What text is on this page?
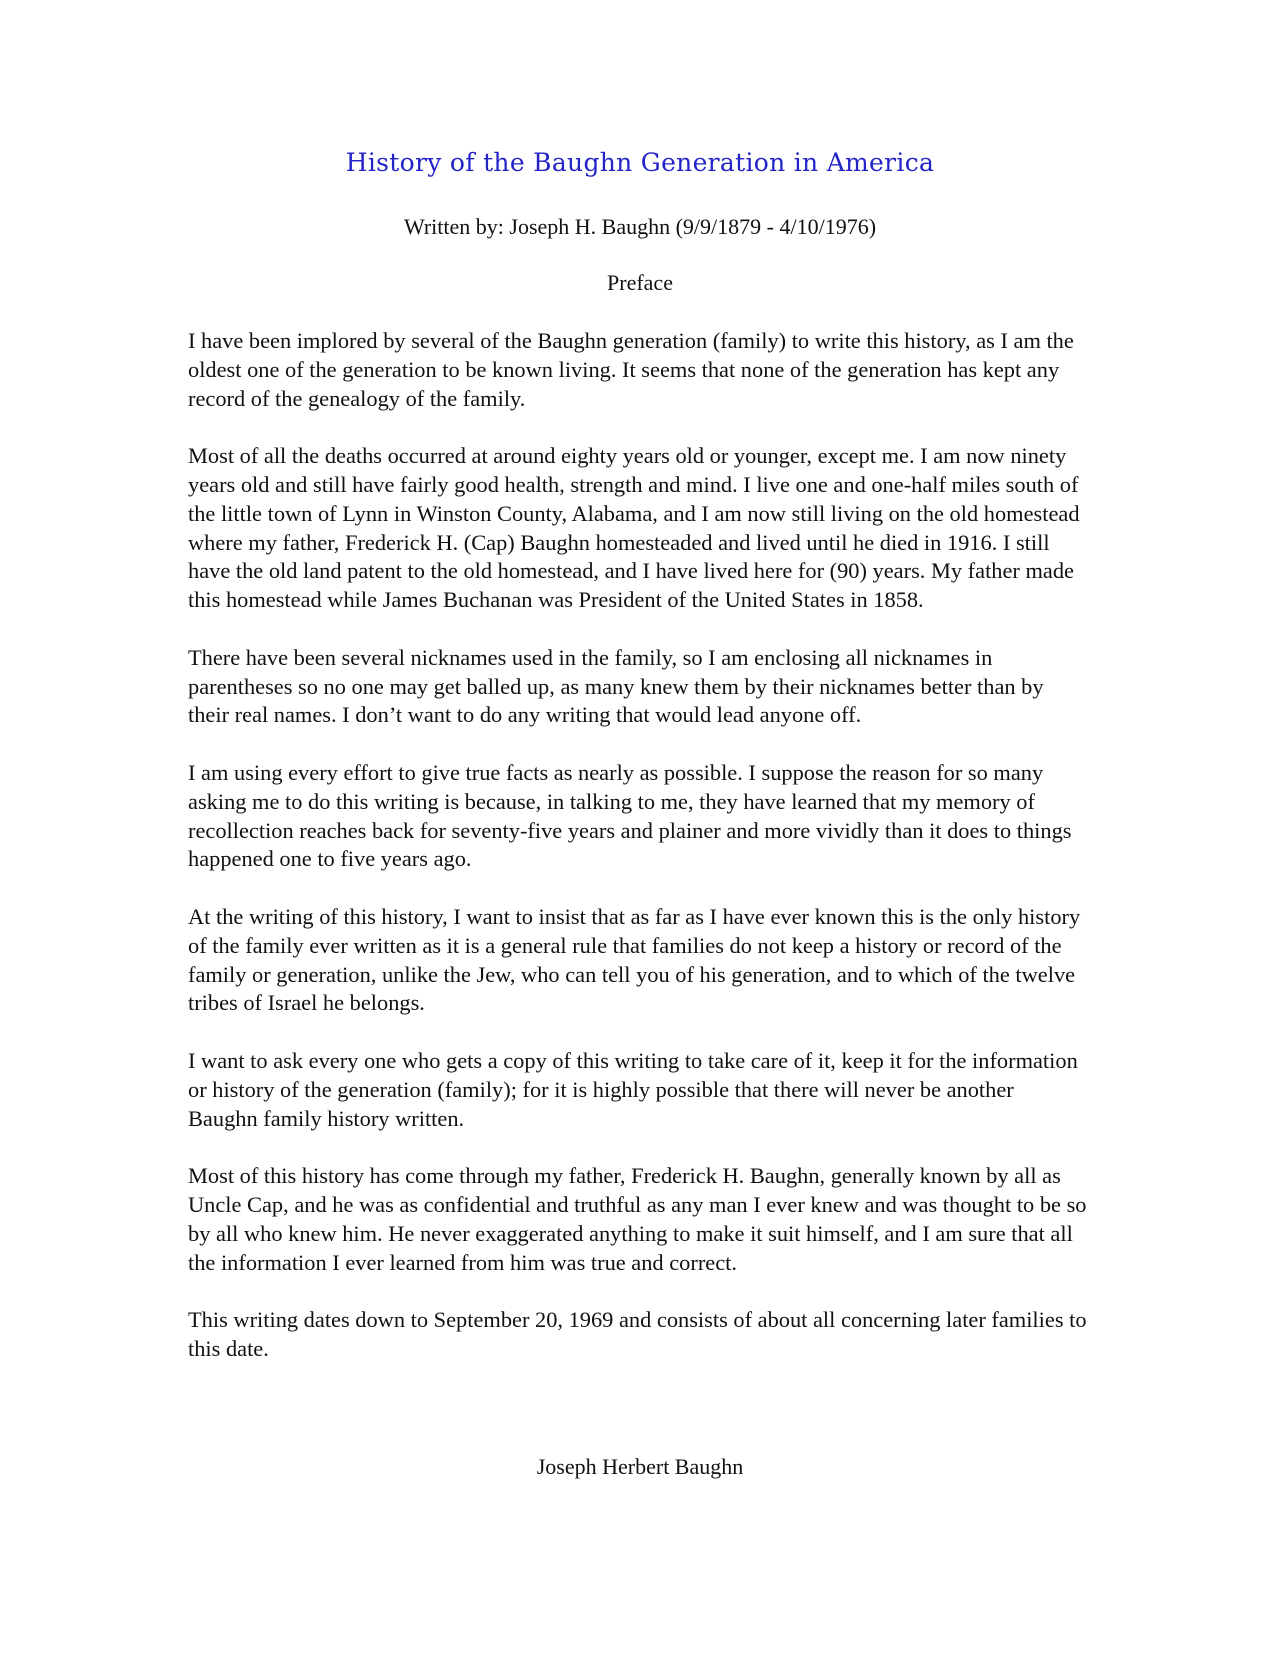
History of the Baughn Generation in America
Written by: Joseph H. Baughn (9/9/1879 - 4/10/1976)
Preface

I have been implored by several of the Baughn generation (family) to write this history, as I am the oldest one of the generation to be known living. It seems that none of the generation has kept any record of the genealogy of the family.

Most of all the deaths occurred at around eighty years old or younger, except me. I am now ninety years old and still have fairly good health, strength and mind. I live one and one-half miles south of the little town of Lynn in Winston County, Alabama, and I am now still living on the old homestead where my father, Frederick H. (Cap) Baughn homesteaded and lived until he died in 1916. I still have the old land patent to the old homestead, and I have lived here for (90) years. My father made this homestead while James Buchanan was President of the United States in 1858.

There have been several nicknames used in the family, so I am enclosing all nicknames in parentheses so no one may get balled up, as many knew them by their nicknames better than by their real names. I don’t want to do any writing that would lead anyone off.

I am using every effort to give true facts as nearly as possible. I suppose the reason for so many asking me to do this writing is because, in talking to me, they have learned that my memory of recollection reaches back for seventy-five years and plainer and more vividly than it does to things happened one to five years ago.

At the writing of this history, I want to insist that as far as I have ever known this is the only history of the family ever written as it is a general rule that families do not keep a history or record of the family or generation, unlike the Jew, who can tell you of his generation, and to which of the twelve tribes of Israel he belongs.

I want to ask every one who gets a copy of this writing to take care of it, keep it for the information or history of the generation (family); for it is highly possible that there will never be another Baughn family history written.

Most of this history has come through my father, Frederick H. Baughn, generally known by all as Uncle Cap, and he was as confidential and truthful as any man I ever knew and was thought to be so by all who knew him. He never exaggerated anything to make it suit himself, and I am sure that all the information I ever learned from him was true and correct.

This writing dates down to September 20, 1969 and consists of about all concerning later families to this date.

Joseph Herbert Baughn
